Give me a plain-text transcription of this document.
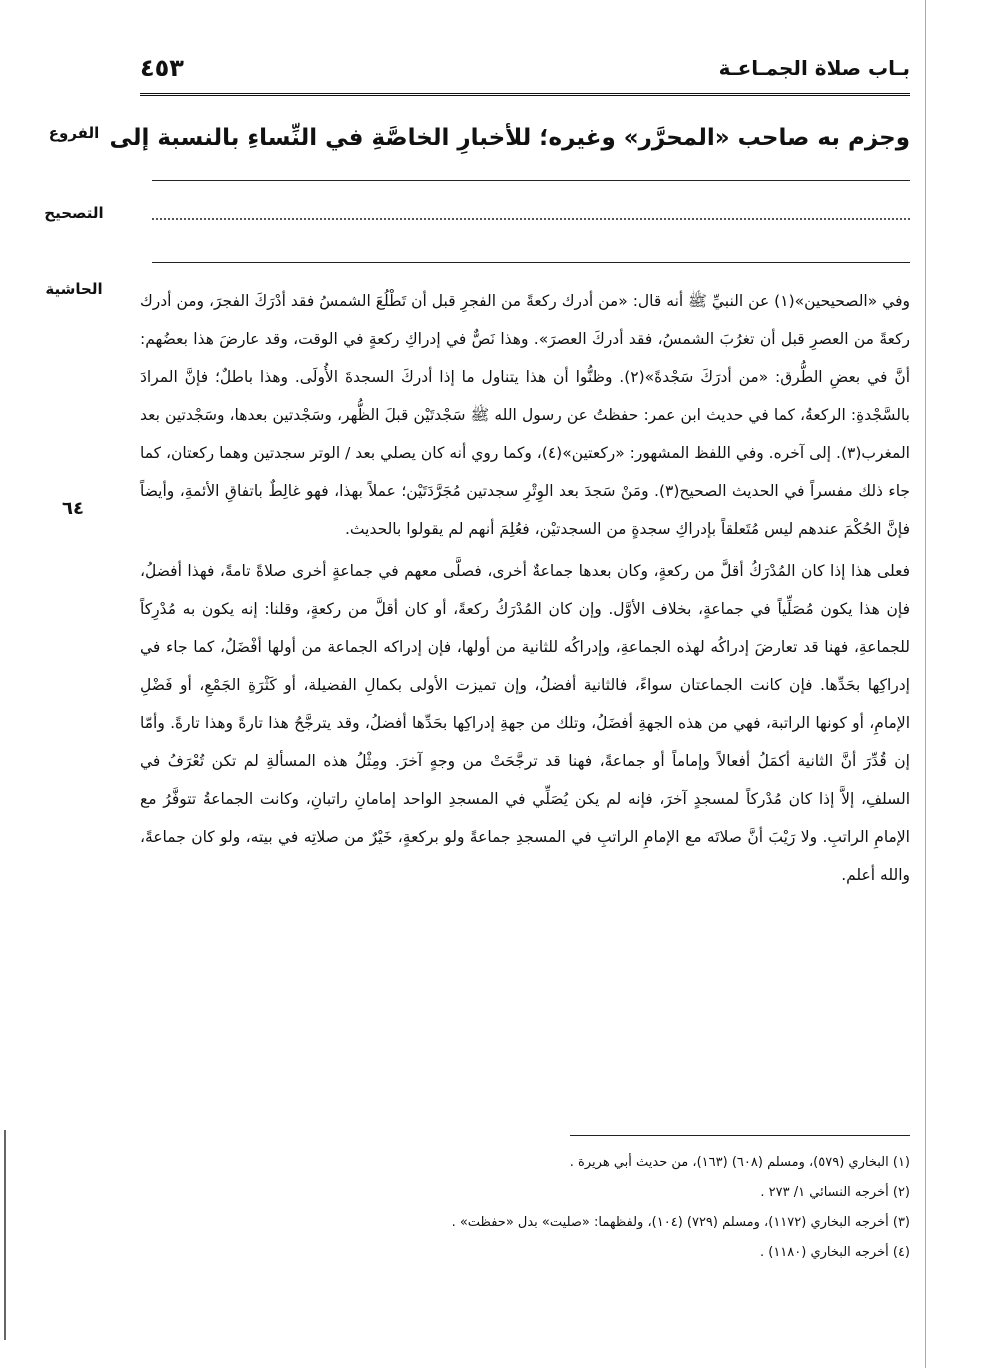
٤٥٣	بـاب صلاة الجمـاعـة
الفروع وجزم به صاحب «المحرَّر» وغيره؛ للأخبارِ الخاصَّةِ في النِّساءِ بالنسبة إلى
التصحيح
الحاشية
٦٤

وفي «الصحيحين»(١) عن النبيِّ ﷺ أنه قال: «من أدرك ركعةً من الفجرِ قبل أن تَطْلُعَ الشمسُ فقد أدْرَكَ الفجرَ، ومن أدرك ركعةً من العصرِ قبل أن تغرُبَ الشمسُ، فقد أدركَ العصرَ». وهذا نَصٌّ في إدراكِ ركعةٍ في الوقت، وقد عارضَ هذا بعضُهم: أنَّ في بعضِ الطُّرق: «من أدرَكَ سَجْدةً»(٢). وظنُّوا أن هذا يتناول ما إذا أدركَ السجدةَ الأُولَى. وهذا باطلٌ؛ فإنَّ المرادَ بالسَّجْدةِ: الركعةُ، كما في حديث ابن عمر: حفظتُ عن رسول الله ﷺ سَجْدتَيْن قبلَ الظُّهر، وسَجْدتين بعدها، وسَجْدتين بعد المغرب(٣). إلى آخره. وفي اللفظ المشهور: «ركعتين»(٤)، وكما روي أنه كان يصلي بعد / الوتر سجدتين وهما ركعتان، كما جاء ذلك مفسراً في الحديث الصحيح(٣). ومَنْ سَجدَ بعد الوِتْرِ سجدتين مُجَرَّدَتَيْن؛ عملاً بهذا، فهو غالِطٌ باتفاقِ الأئمةِ، وأيضاً فإنَّ الحُكْمَ عندهم ليس مُتَعلقاً بإدراكِ سجدةٍ من السجدتيْن، فعُلِمَ أنهم لم يقولوا بالحديث.

فعلى هذا إذا كان المُدْرَكُ أقلَّ من ركعةٍ، وكان بعدها جماعةٌ أخرى، فصلَّى معهم في جماعةٍ أخرى صلاةً تامةً، فهذا أفضلُ، فإن هذا يكون مُصَلِّياً في جماعةٍ، بخلاف الأوَّل. وإن كان المُدْرَكُ ركعةً، أو كان أقلَّ من ركعةٍ، وقلنا: إنه يكون به مُدْرِكاً للجماعةِ، فهنا قد تعارضَ إدراكُه لهذه الجماعةِ، وإدراكُه للثانية من أولها، فإن إدراكه الجماعة من أولها أفْضَلُ، كما جاء في إدراكِها بحَدِّها. فإن كانت الجماعتان سواءً، فالثانية أفضلُ، وإن تميزت الأولى بكمالِ الفضيلة، أو كَثْرَةِ الجَمْعِ، أو فَضْلِ الإمامِ، أو كونها الراتبة، فهي من هذه الجهةِ أفضَلُ، وتلك من جهةِ إدراكِها بحَدِّها أفضلُ، وقد يترجَّحُ هذا تارةً وهذا تارةً. وأمّا إن قُدِّرَ أنَّ الثانية أكمَلُ أفعالاً وإماماً أو جماعةً، فهنا قد ترجَّحَتْ من وجهٍ آخرَ. ومِثْلُ هذه المسألةِ لم تكن تُعْرَفُ في السلفِ، إلاَّ إذا كان مُدْركاً لمسجدٍ آخرَ، فإنه لم يكن يُصَلِّي في المسجدِ الواحد إمامانِ راتبانِ، وكانت الجماعةُ تتوفَّرُ مع الإمامِ الراتبِ. ولا رَيْبَ أنَّ صلاتَه مع الإمامِ الراتبِ في المسجدِ جماعةً ولو بركعةٍ، خَيْرٌ من صلاتِه في بيته، ولو كان جماعةً، والله أعلم.

(١) البخاري (٥٧٩)، ومسلم (٦٠٨) (١٦٣)، من حديث أبي هريرة .
(٢) أخرجه النسائي ١/ ٢٧٣ .
(٣) أخرجه البخاري (١١٧٢)، ومسلم (٧٢٩) (١٠٤)، ولفظهما: «صليت» بدل «حفظت» .
(٤) أخرجه البخاري (١١٨٠) .
